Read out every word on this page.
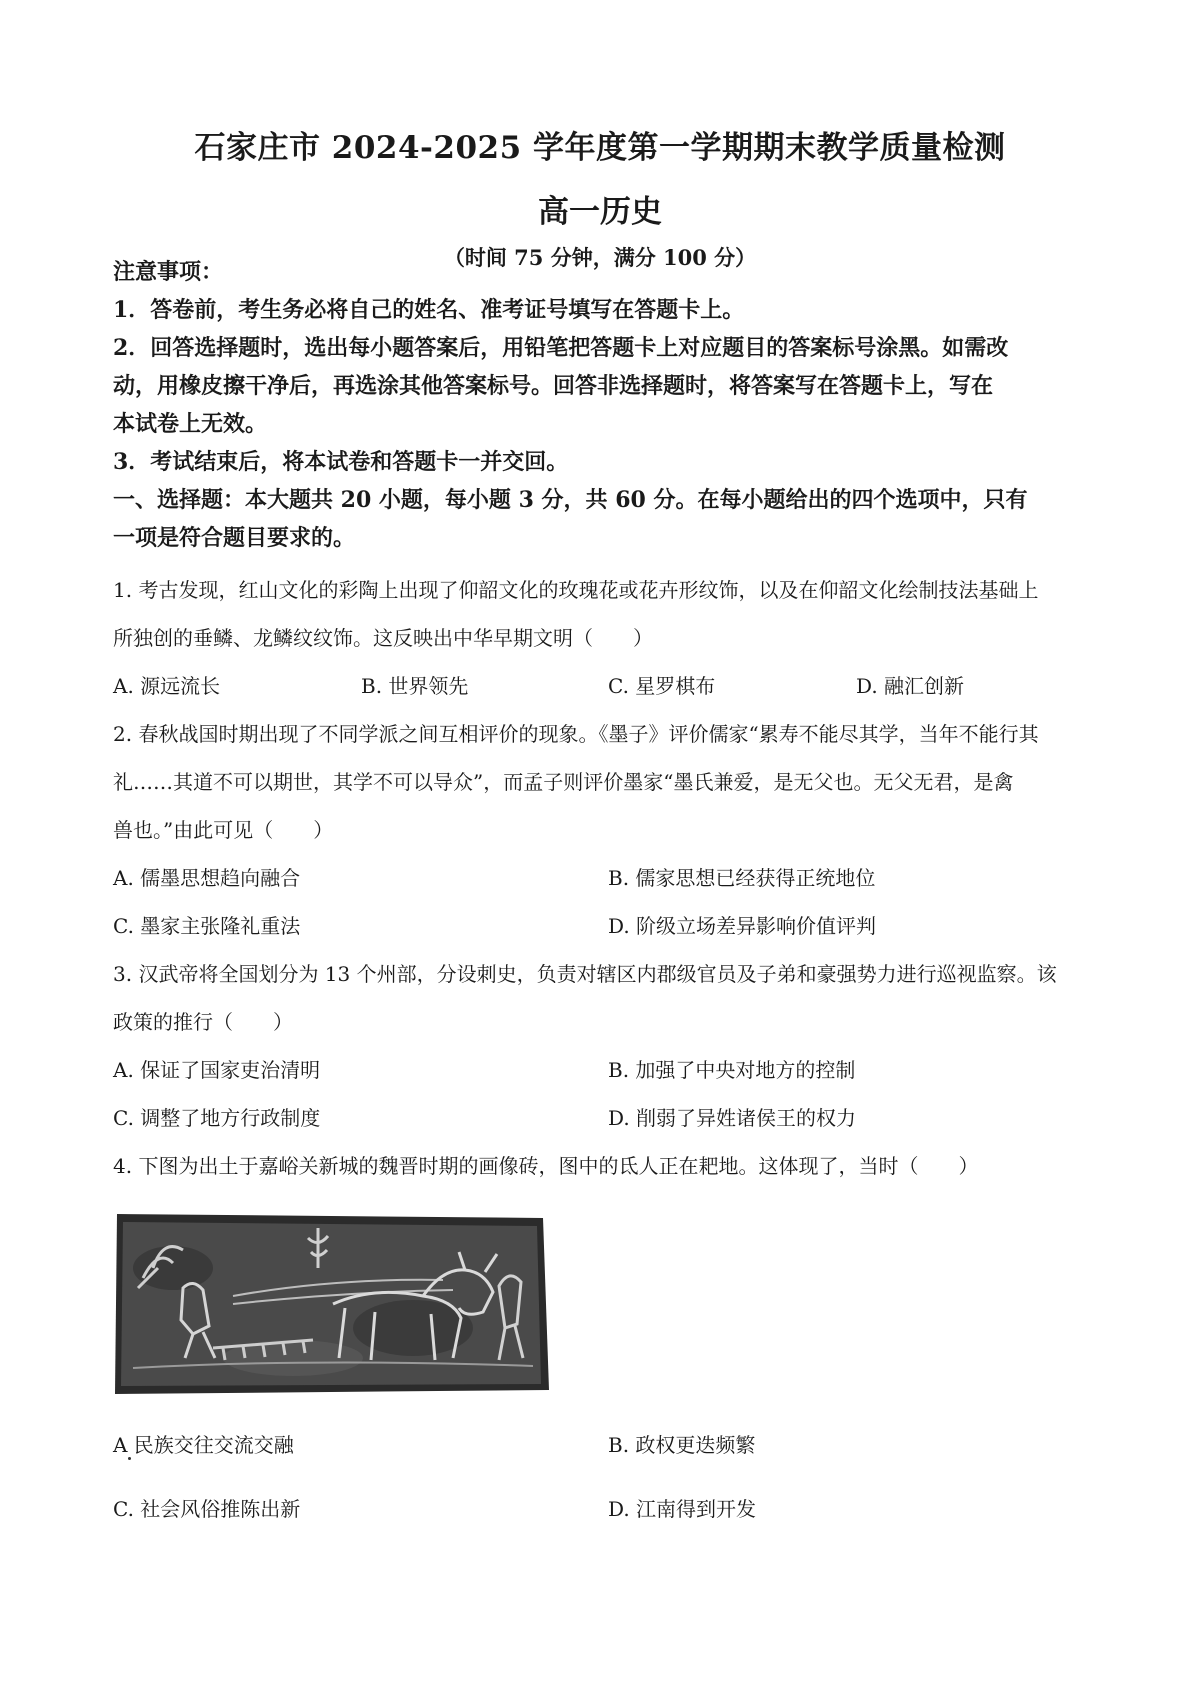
石家庄市 2024-2025 学年度第一学期期末教学质量检测
高一历史
（时间 75 分钟，满分 100 分）
注意事项：
1．答卷前，考生务必将自己的姓名、准考证号填写在答题卡上。
2．回答选择题时，选出每小题答案后，用铅笔把答题卡上对应题目的答案标号涂黑。如需改
动，用橡皮擦干净后，再选涂其他答案标号。回答非选择题时，将答案写在答题卡上，写在
本试卷上无效。
3．考试结束后，将本试卷和答题卡一并交回。
一、选择题：本大题共 20 小题，每小题 3 分，共 60 分。在每小题给出的四个选项中，只有
一项是符合题目要求的。
1. 考古发现，红山文化的彩陶上出现了仰韶文化的玫瑰花或花卉形纹饰，以及在仰韶文化绘制技法基础上
所独创的垂鳞、龙鳞纹纹饰。这反映出中华早期文明（　　）
A. 源远流长	B. 世界领先	C. 星罗棋布	D. 融汇创新
2. 春秋战国时期出现了不同学派之间互相评价的现象。《墨子》评价儒家“累寿不能尽其学，当年不能行其
礼……其道不可以期世，其学不可以导众”，而孟子则评价墨家“墨氏兼爱，是无父也。无父无君，是禽
兽也。”由此可见（　　）
A. 儒墨思想趋向融合	B. 儒家思想已经获得正统地位
C. 墨家主张隆礼重法	D. 阶级立场差异影响价值评判
3. 汉武帝将全国划分为 13 个州部，分设刺史，负责对辖区内郡级官员及子弟和豪强势力进行巡视监察。该
政策的推行（　　）
A. 保证了国家吏治清明	B. 加强了中央对地方的控制
C. 调整了地方行政制度	D. 削弱了异姓诸侯王的权力
4. 下图为出土于嘉峪关新城的魏晋时期的画像砖，图中的氐人正在耙地。这体现了，当时（　　）
A 民族交往交流交融	B. 政权更迭频繁
C. 社会风俗推陈出新	D. 江南得到开发
